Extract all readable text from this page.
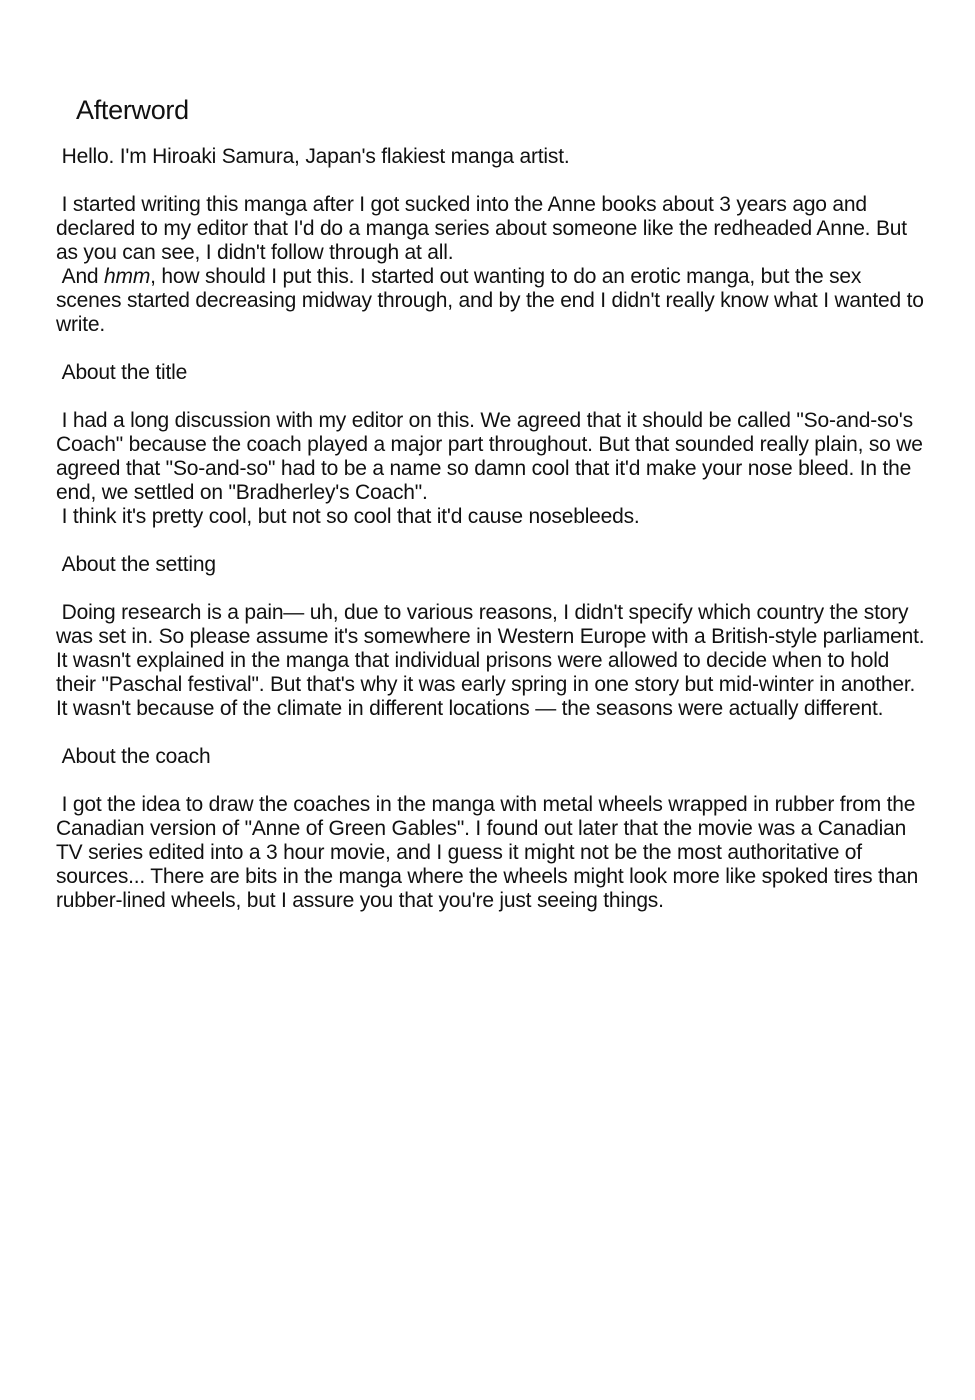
Afterword

Hello. I'm Hiroaki Samura, Japan's flakiest manga artist.

I started writing this manga after I got sucked into the Anne books about 3 years ago and declared to my editor that I'd do a manga series about someone like the redheaded Anne. But as you can see, I didn't follow through at all.

And hmm, how should I put this. I started out wanting to do an erotic manga, but the sex scenes started decreasing midway through, and by the end I didn't really know what I wanted to write.

About the title

I had a long discussion with my editor on this. We agreed that it should be called "So-and-so's Coach" because the coach played a major part throughout. But that sounded really plain, so we agreed that "So-and-so" had to be a name so damn cool that it'd make your nose bleed. In the end, we settled on "Bradherley's Coach".

I think it's pretty cool, but not so cool that it'd cause nosebleeds.

About the setting

Doing research is a pain— uh, due to various reasons, I didn't specify which country the story was set in. So please assume it's somewhere in Western Europe with a British-style parliament. It wasn't explained in the manga that individual prisons were allowed to decide when to hold their "Paschal festival". But that's why it was early spring in one story but mid-winter in another. It wasn't because of the climate in different locations — the seasons were actually different.

About the coach

I got the idea to draw the coaches in the manga with metal wheels wrapped in rubber from the Canadian version of "Anne of Green Gables". I found out later that the movie was a Canadian TV series edited into a 3 hour movie, and I guess it might not be the most authoritative of sources... There are bits in the manga where the wheels might look more like spoked tires than rubber-lined wheels, but I assure you that you're just seeing things.
